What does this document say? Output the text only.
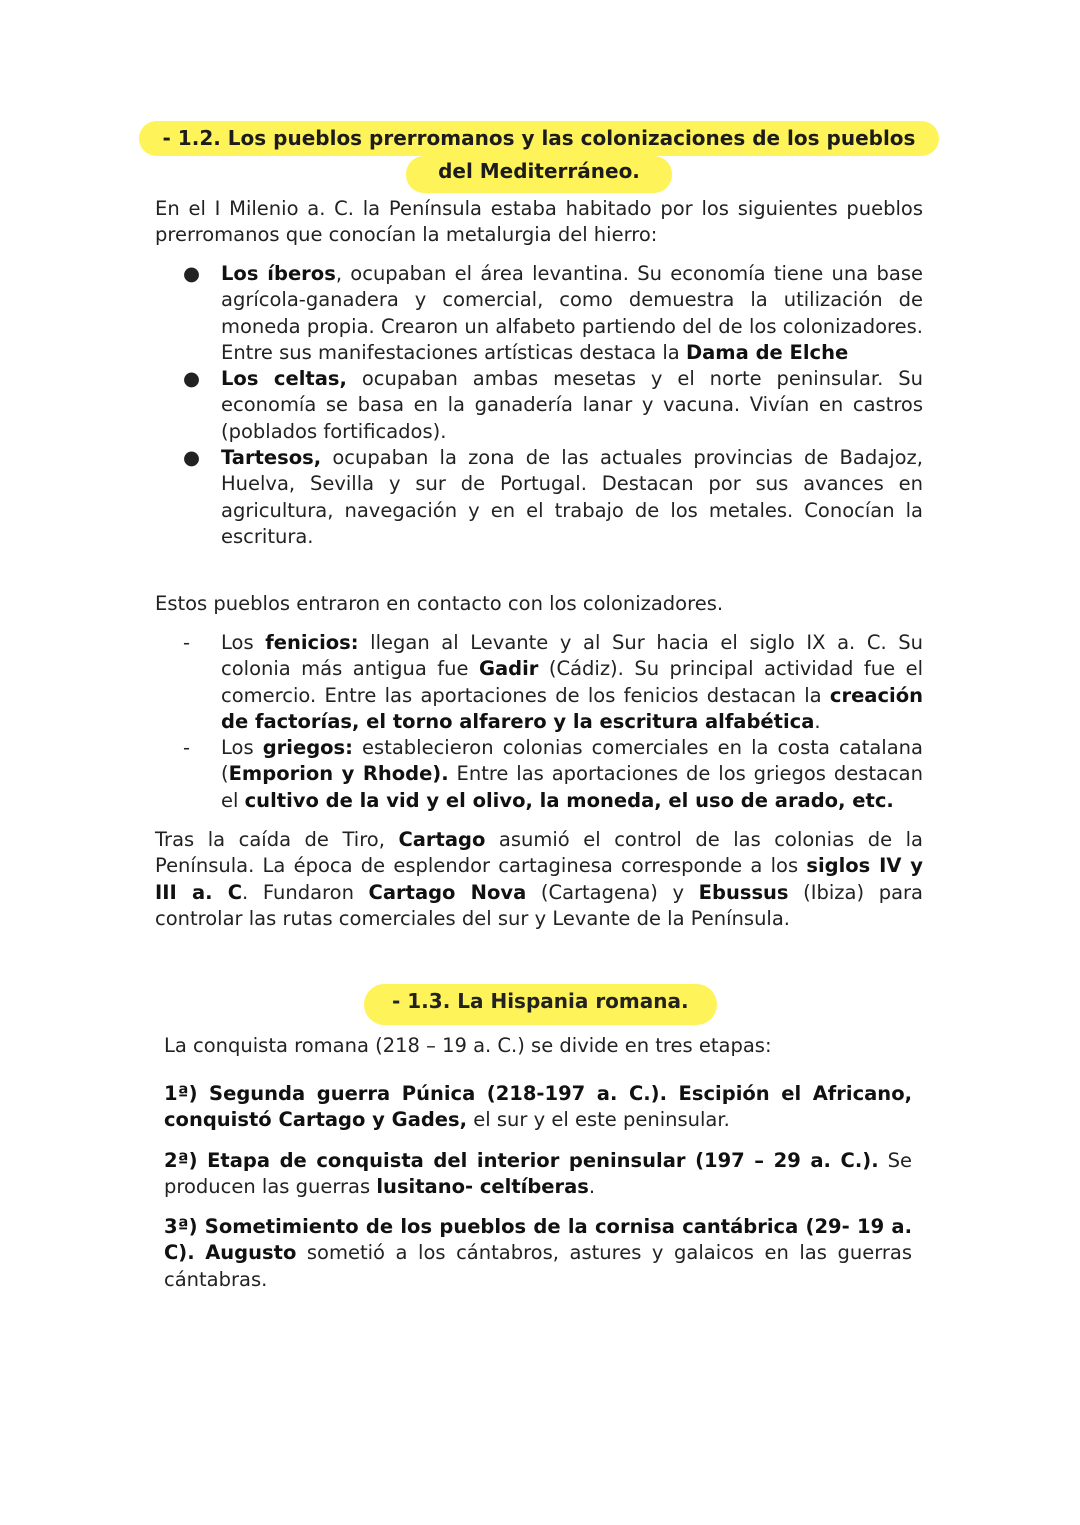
- 1.2. Los pueblos prerromanos y las colonizaciones de los pueblos
del Mediterráneo.

En el I Milenio a. C. la Península estaba habitado por los siguientes pueblos prerromanos que conocían la metalurgia del hierro:

● Los íberos, ocupaban el área levantina. Su economía tiene una base agrícola-ganadera y comercial, como demuestra la utilización de moneda propia. Crearon un alfabeto partiendo del de los colonizadores. Entre sus manifestaciones artísticas destaca la Dama de Elche
● Los celtas, ocupaban ambas mesetas y el norte peninsular. Su economía se basa en la ganadería lanar y vacuna. Vivían en castros (poblados fortificados).
● Tartesos, ocupaban la zona de las actuales provincias de Badajoz, Huelva, Sevilla y sur de Portugal. Destacan por sus avances en agricultura, navegación y en el trabajo de los metales. Conocían la escritura.

Estos pueblos entraron en contacto con los colonizadores.

- Los fenicios: llegan al Levante y al Sur hacia el siglo IX a. C. Su colonia más antigua fue Gadir (Cádiz). Su principal actividad fue el comercio. Entre las aportaciones de los fenicios destacan la creación de factorías, el torno alfarero y la escritura alfabética.
- Los griegos: establecieron colonias comerciales en la costa catalana (Emporion y Rhode). Entre las aportaciones de los griegos destacan el cultivo de la vid y el olivo, la moneda, el uso de arado, etc.

Tras la caída de Tiro, Cartago asumió el control de las colonias de la Península. La época de esplendor cartaginesa corresponde a los siglos IV y III a. C. Fundaron Cartago Nova (Cartagena) y Ebussus (Ibiza) para controlar las rutas comerciales del sur y Levante de la Península.

- 1.3. La Hispania romana.

La conquista romana (218 – 19 a. C.) se divide en tres etapas:

1ª) Segunda guerra Púnica (218-197 a. C.). Escipión el Africano, conquistó Cartago y Gades, el sur y el este peninsular.

2ª) Etapa de conquista del interior peninsular (197 – 29 a. C.). Se producen las guerras lusitano- celtíberas.

3ª) Sometimiento de los pueblos de la cornisa cantábrica (29- 19 a. C). Augusto sometió a los cántabros, astures y galaicos en las guerras cántabras.
